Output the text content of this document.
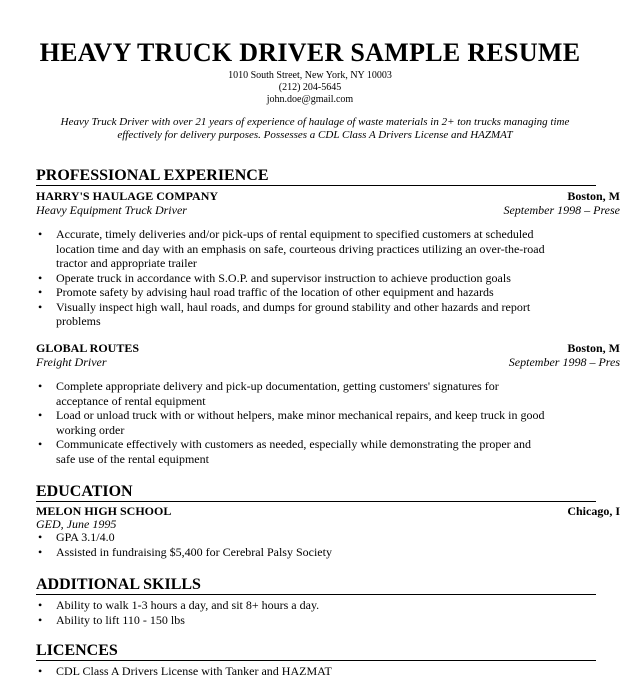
HEAVY TRUCK DRIVER SAMPLE RESUME
1010 South Street, New York, NY 10003
(212) 204-5645
john.doe@gmail.com
Heavy Truck Driver with over 21 years of experience of haulage of waste materials in 2+ ton trucks managing time effectively for delivery purposes. Possesses a CDL Class A Drivers License and HAZMAT
PROFESSIONAL EXPERIENCE
HARRY'S HAULAGE COMPANY	Boston, M
Heavy Equipment Truck Driver	September 1998 – Prese
• Accurate, timely deliveries and/or pick-ups of rental equipment to specified customers at scheduled location time and day with an emphasis on safe, courteous driving practices utilizing an over-the-road tractor and appropriate trailer
• Operate truck in accordance with S.O.P. and supervisor instruction to achieve production goals
• Promote safety by advising haul road traffic of the location of other equipment and hazards
• Visually inspect high wall, haul roads, and dumps for ground stability and other hazards and report problems
GLOBAL ROUTES	Boston, M
Freight Driver	September 1998 – Pres
• Complete appropriate delivery and pick-up documentation, getting customers' signatures for acceptance of rental equipment
• Load or unload truck with or without helpers, make minor mechanical repairs, and keep truck in good working order
• Communicate effectively with customers as needed, especially while demonstrating the proper and safe use of the rental equipment
EDUCATION
MELON HIGH SCHOOL	Chicago, I
GED, June 1995
• GPA 3.1/4.0
• Assisted in fundraising $5,400 for Cerebral Palsy Society
ADDITIONAL SKILLS
• Ability to walk 1-3 hours a day, and sit 8+ hours a day.
• Ability to lift 110 - 150 lbs
LICENCES
• CDL Class A Drivers License with Tanker and HAZMAT
